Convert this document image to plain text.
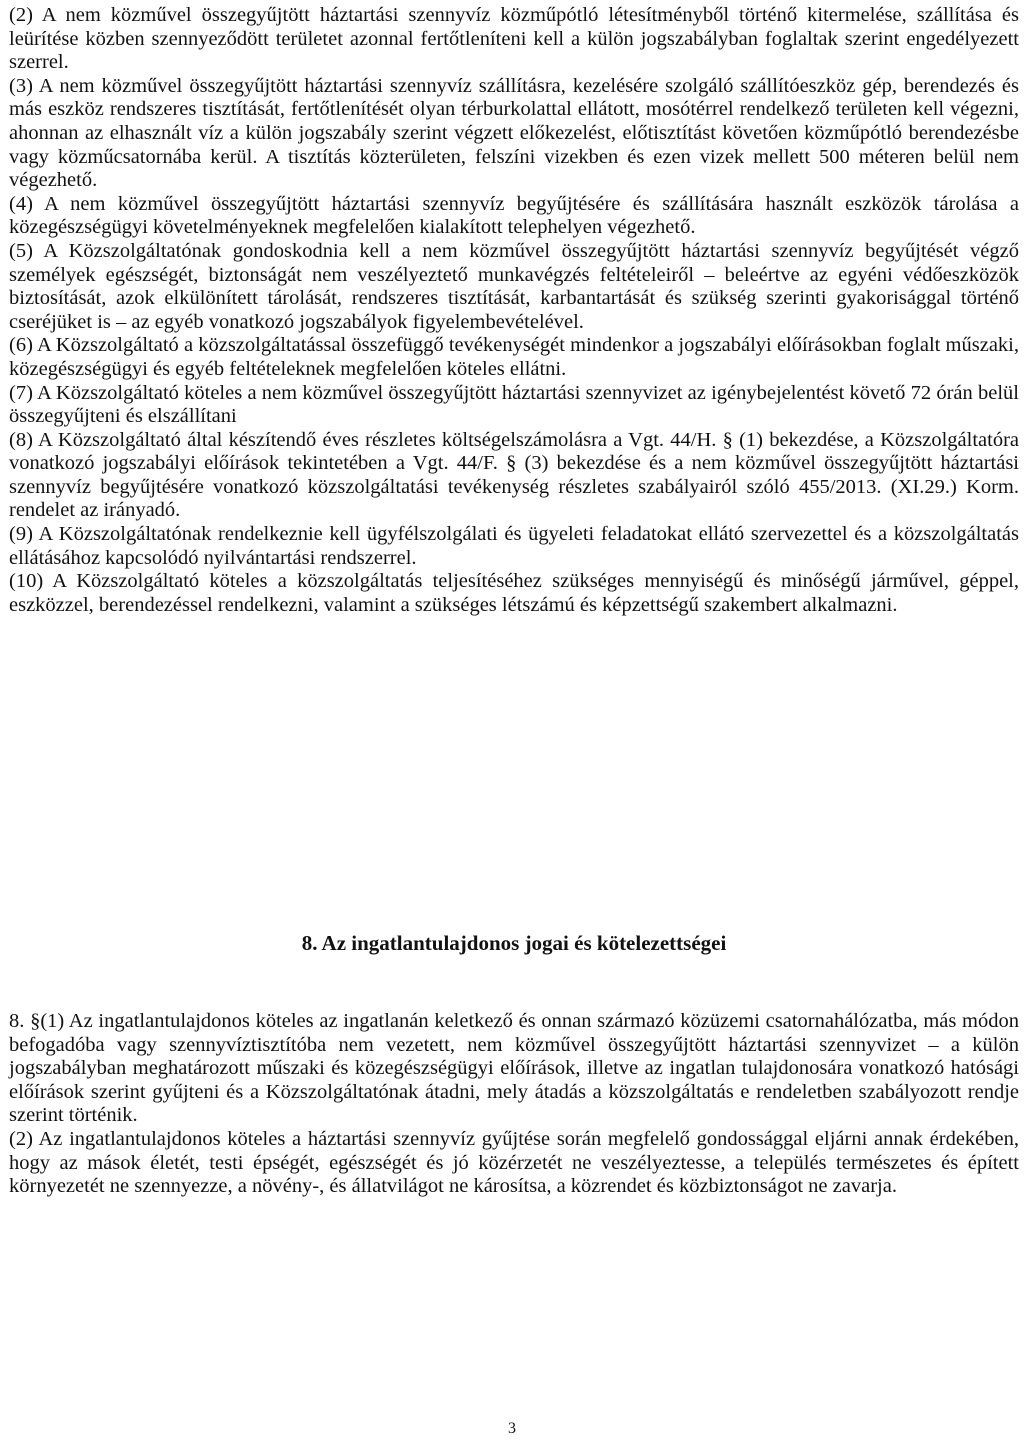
(2) A nem közművel összegyűjtött háztartási szennyvíz közműpótló létesítményből történő kitermelése, szállítása és leürítése közben szennyeződött területet azonnal fertőtleníteni kell a külön jogszabályban foglaltak szerint engedélyezett szerrel.

(3) A nem közművel összegyűjtött háztartási szennyvíz szállításra, kezelésére szolgáló szállítóeszköz gép, berendezés és más eszköz rendszeres tisztítását, fertőtlenítését olyan térburkolattal ellátott, mosótérrel rendelkező területen kell végezni, ahonnan az elhasznált víz a külön jogszabály szerint végzett előkezelést, előtisztítást követően közműpótló berendezésbe vagy közműcsatornába kerül. A tisztítás közterületen, felszíni vizekben és ezen vizek mellett 500 méteren belül nem végezhető.

(4) A nem közművel összegyűjtött háztartási szennyvíz begyűjtésére és szállítására használt eszközök tárolása a közegészségügyi követelményeknek megfelelően kialakított telephelyen végezhető.

(5) A Közszolgáltatónak gondoskodnia kell a nem közművel összegyűjtött háztartási szennyvíz begyűjtését végző személyek egészségét, biztonságát nem veszélyeztető munkavégzés feltételeiről – beleértve az egyéni védőeszközök biztosítását, azok elkülönített tárolását, rendszeres tisztítását, karbantartását és szükség szerinti gyakorisággal történő cseréjüket is – az egyéb vonatkozó jogszabályok figyelembevételével.

(6) A Közszolgáltató a közszolgáltatással összefüggő tevékenységét mindenkor a jogszabályi előírásokban foglalt műszaki, közegészségügyi és egyéb feltételeknek megfelelően köteles ellátni.

(7) A Közszolgáltató köteles a nem közművel összegyűjtött háztartási szennyvizet az igénybejelentést követő 72 órán belül összegyűjteni és elszállítani

(8) A Közszolgáltató által készítendő éves részletes költségelszámolásra a Vgt. 44/H. § (1) bekezdése, a Közszolgáltatóra vonatkozó jogszabályi előírások tekintetében a Vgt. 44/F. § (3) bekezdése és a nem közművel összegyűjtött háztartási szennyvíz begyűjtésére vonatkozó közszolgáltatási tevékenység részletes szabályairól szóló 455/2013. (XI.29.) Korm. rendelet az irányadó.

(9) A Közszolgáltatónak rendelkeznie kell ügyfélszolgálati és ügyeleti feladatokat ellátó szervezettel és a közszolgáltatás ellátásához kapcsolódó nyilvántartási rendszerrel.

(10) A Közszolgáltató köteles a közszolgáltatás teljesítéséhez szükséges mennyiségű és minőségű járművel, géppel, eszközzel, berendezéssel rendelkezni, valamint a szükséges létszámú és képzettségű szakembert alkalmazni.

8. Az ingatlantulajdonos jogai és kötelezettségei

8. §(1) Az ingatlantulajdonos köteles az ingatlanán keletkező és onnan származó közüzemi csatornahálózatba, más módon befogadóba vagy szennyvíztisztítóba nem vezetett, nem közművel összegyűjtött háztartási szennyvizet – a külön jogszabályban meghatározott műszaki és közegészségügyi előírások, illetve az ingatlan tulajdonosára vonatkozó hatósági előírások szerint gyűjteni és a Közszolgáltatónak átadni, mely átadás a közszolgáltatás e rendeletben szabályozott rendje szerint történik.

(2) Az ingatlantulajdonos köteles a háztartási szennyvíz gyűjtése során megfelelő gondossággal eljárni annak érdekében, hogy az mások életét, testi épségét, egészségét és jó közérzetét ne veszélyeztesse, a település természetes és épített környezetét ne szennyezze, a növény-, és állatvilágot ne károsítsa, a közrendet és közbiztonságot ne zavarja.

3
